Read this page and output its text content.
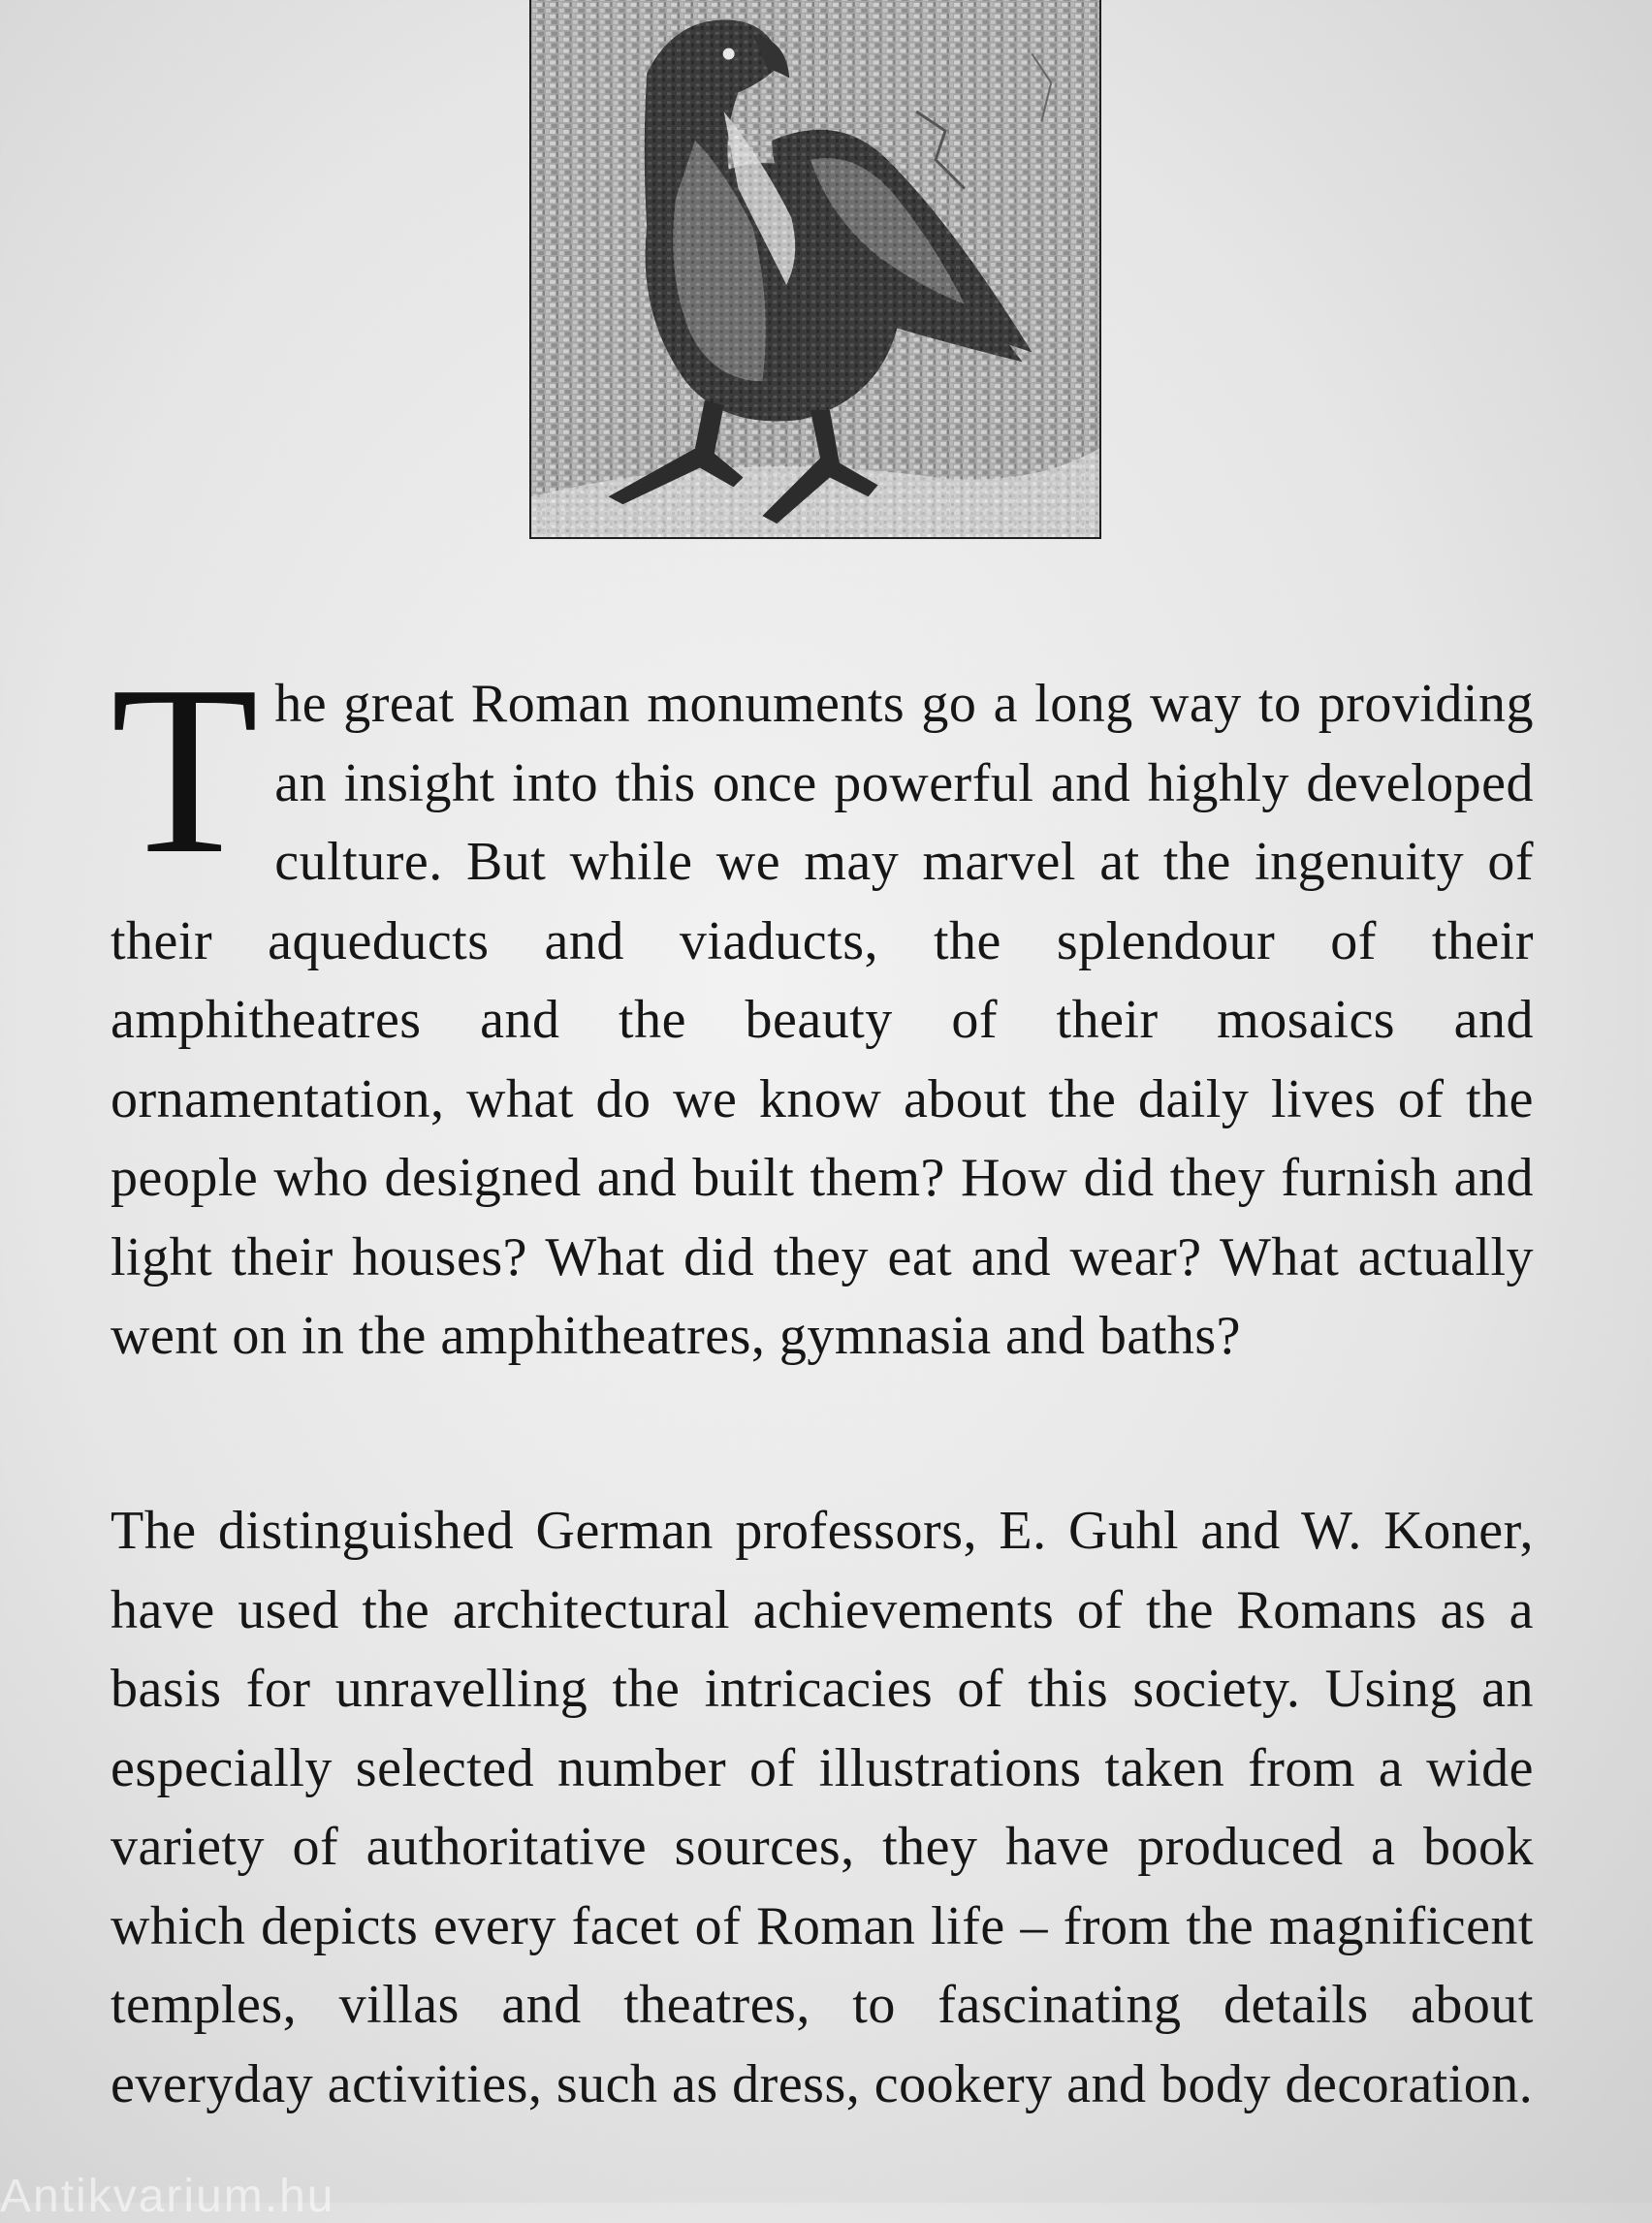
The great Roman monuments go a long way to providing an insight into this once powerful and highly developed culture. But while we may marvel at the ingenuity of their aqueducts and viaducts, the splendour of their amphitheatres and the beauty of their mosaics and ornamentation, what do we know about the daily lives of the people who designed and built them? How did they furnish and light their houses? What did they eat and wear? What actually went on in the amphitheatres, gymnasia and baths?

The distinguished German professors, E. Guhl and W. Koner, have used the architectural achievements of the Romans as a basis for unravelling the intricacies of this society. Using an especially selected number of illustrations taken from a wide variety of authoritative sources, they have produced a book which depicts every facet of Roman life – from the magnificent temples, villas and theatres, to fascinating details about everyday activities, such as dress, cookery and body decoration.

Antikvarium.hu
